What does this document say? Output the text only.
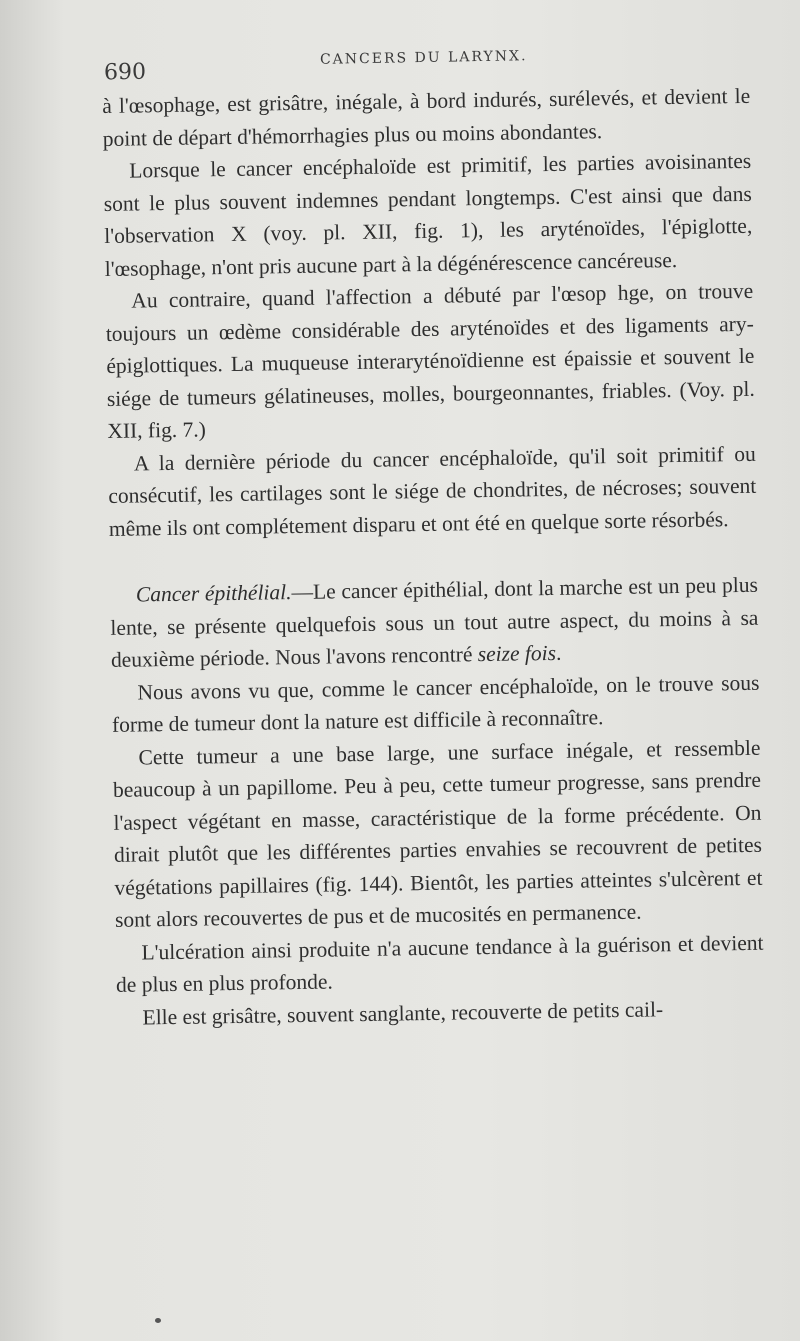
690
CANCERS DU LARYNX.

à l'œsophage, est grisâtre, inégale, à bord indurés, surélevés, et devient le point de départ d'hémorrhagies plus ou moins abondantes.

Lorsque le cancer encéphaloïde est primitif, les parties avoisinantes sont le plus souvent indemnes pendant longtemps. C'est ainsi que dans l'observation X (voy. pl. XII, fig. 1), les aryténoïdes, l'épiglotte, l'œsophage, n'ont pris aucune part à la dégénérescence cancéreuse.

Au contraire, quand l'affection a débuté par l'œsop hge, on trouve toujours un œdème considérable des aryténoïdes et des ligaments ary-épiglottiques. La muqueuse interaryténoïdienne est épaissie et souvent le siége de tumeurs gélatineuses, molles, bourgeonnantes, friables. (Voy. pl. XII, fig. 7.)

A la dernière période du cancer encéphaloïde, qu'il soit primitif ou consécutif, les cartilages sont le siége de chondrites, de nécroses; souvent même ils ont complétement disparu et ont été en quelque sorte résorbés.

Cancer épithélial.—Le cancer épithélial, dont la marche est un peu plus lente, se présente quelquefois sous un tout autre aspect, du moins à sa deuxième période. Nous l'avons rencontré seize fois.

Nous avons vu que, comme le cancer encéphaloïde, on le trouve sous forme de tumeur dont la nature est difficile à reconnaître.

Cette tumeur a une base large, une surface inégale, et ressemble beaucoup à un papillome. Peu à peu, cette tumeur progresse, sans prendre l'aspect végétant en masse, caractéristique de la forme précédente. On dirait plutôt que les différentes parties envahies se recouvrent de petites végétations papillaires (fig. 144). Bientôt, les parties atteintes s'ulcèrent et sont alors recouvertes de pus et de mucosités en permanence.

L'ulcération ainsi produite n'a aucune tendance à la guérison et devient de plus en plus profonde.

Elle est grisâtre, souvent sanglante, recouverte de petits cail-
